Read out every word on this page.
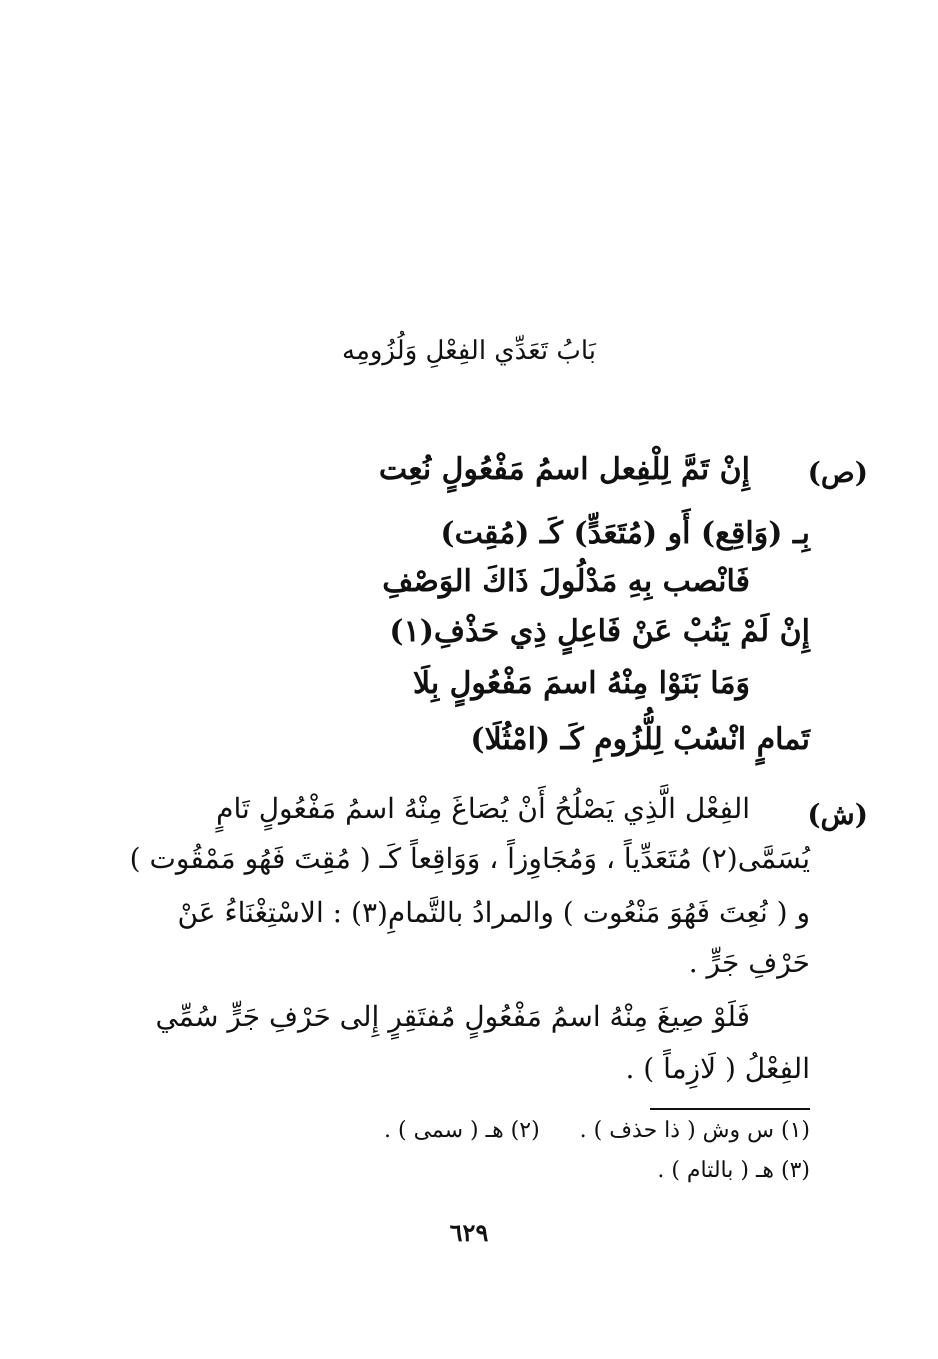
بَابُ تَعَدِّي الفِعْلِ وَلُزُومِه
(ص)
إِنْ تَمَّ لِلْفِعل اسمُ مَفْعُولٍ نُعِت
بِـ (وَاقِع) أَو (مُتَعَدٍّ) كَـ (مُقِت)
فَانْصب بِهِ مَدْلُولَ ذَاكَ الوَصْفِ
إِنْ لَمْ يَنُبْ عَنْ فَاعِلٍ ذِي حَذْفِ(١)
وَمَا بَنَوْا مِنْهُ اسمَ مَفْعُولٍ بِلَا
تَمامٍ انْسُبْ لِلُّزُومِ كَـ (امْثُلَا)
(ش)
الفِعْل الَّذِي يَصْلُحُ أَنْ يُصَاغَ مِنْهُ اسمُ مَفْعُولٍ تَامٍ
يُسَمَّى(٢) مُتَعَدِّياً ، وَمُجَاوِزاً ، وَوَاقِعاً كَـ ( مُقِتَ فَهُو مَمْقُوت )
و ( نُعِتَ فَهُوَ مَنْعُوت ) والمرادُ بالتَّمامِ(٣) : الاسْتِغْنَاءُ عَنْ
حَرْفِ جَرٍّ .
فَلَوْ صِيغَ مِنْهُ اسمُ مَفْعُولٍ مُفتَقِرٍ إِلى حَرْفِ جَرٍّ سُمِّي
الفِعْلُ ( لَازِماً ) .
(١) س وش ( ذا حذف ) .(٢) هـ ( سمى ) .
(٣) هـ ( بالتام ) .
٦٢٩
